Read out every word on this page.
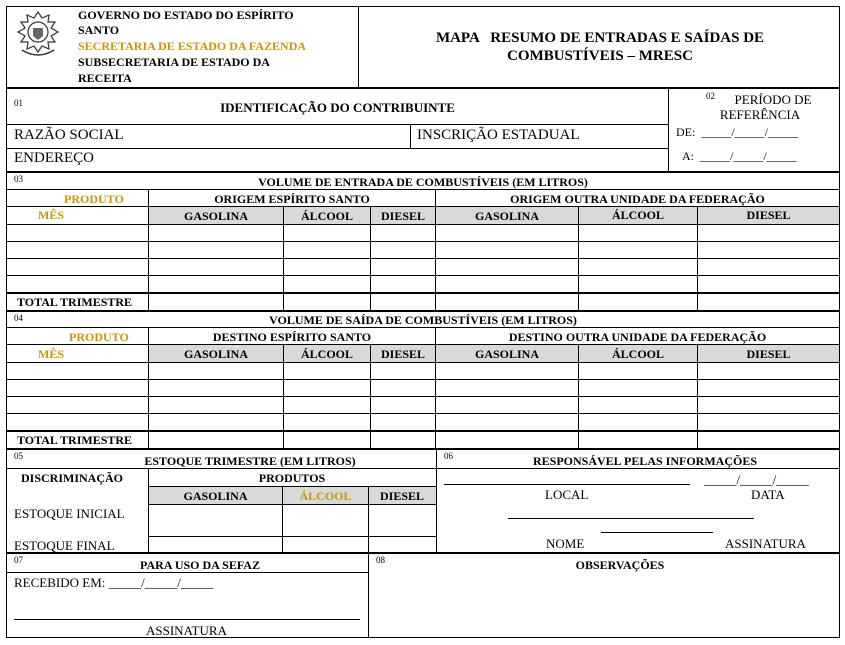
GOVERNO DO ESTADO DO ESPÍRITO
SANTO
SECRETARIA DE ESTADO DA FAZENDA
SUBSECRETARIA DE ESTADO DA
RECEITA
MAPA   RESUMO DE ENTRADAS E SAÍDAS DE
COMBUSTÍVEIS – MRESC
01	IDENTIFICAÇÃO DO CONTRIBUINTE
RAZÃO SOCIAL	INSCRIÇÃO ESTADUAL
ENDEREÇO
02	PERÍODO DE
REFERÊNCIA
DE:  _____/_____/_____
A:  _____/_____/_____
03	VOLUME DE ENTRADA DE COMBUSTÍVEIS (EM LITROS)
PRODUTO
MÊS
ORIGEM ESPÍRITO SANTO	ORIGEM OUTRA UNIDADE DA FEDERAÇÃO
GASOLINA	ÁLCOOL	DIESEL	GASOLINA	ÁLCOOL	DIESEL
TOTAL TRIMESTRE
04	VOLUME DE SAÍDA DE COMBUSTÍVEIS (EM LITROS)
PRODUTO
MÊS
DESTINO ESPÍRITO SANTO	DESTINO OUTRA UNIDADE DA FEDERAÇÃO
GASOLINA	ÁLCOOL	DIESEL	GASOLINA	ÁLCOOL	DIESEL
TOTAL TRIMESTRE
05	ESTOQUE TRIMESTRE (EM LITROS)
DISCRIMINAÇÃO	PRODUTOS
GASOLINA	ÁLCOOL	DIESEL
ESTOQUE INICIAL
ESTOQUE FINAL
06	RESPONSÁVEL PELAS INFORMAÇÕES
_____/_____/_____
LOCAL	DATA
NOME	ASSINATURA
07	PARA USO DA SEFAZ
RECEBIDO EM: _____/_____/_____
ASSINATURA
08	OBSERVAÇÕES
